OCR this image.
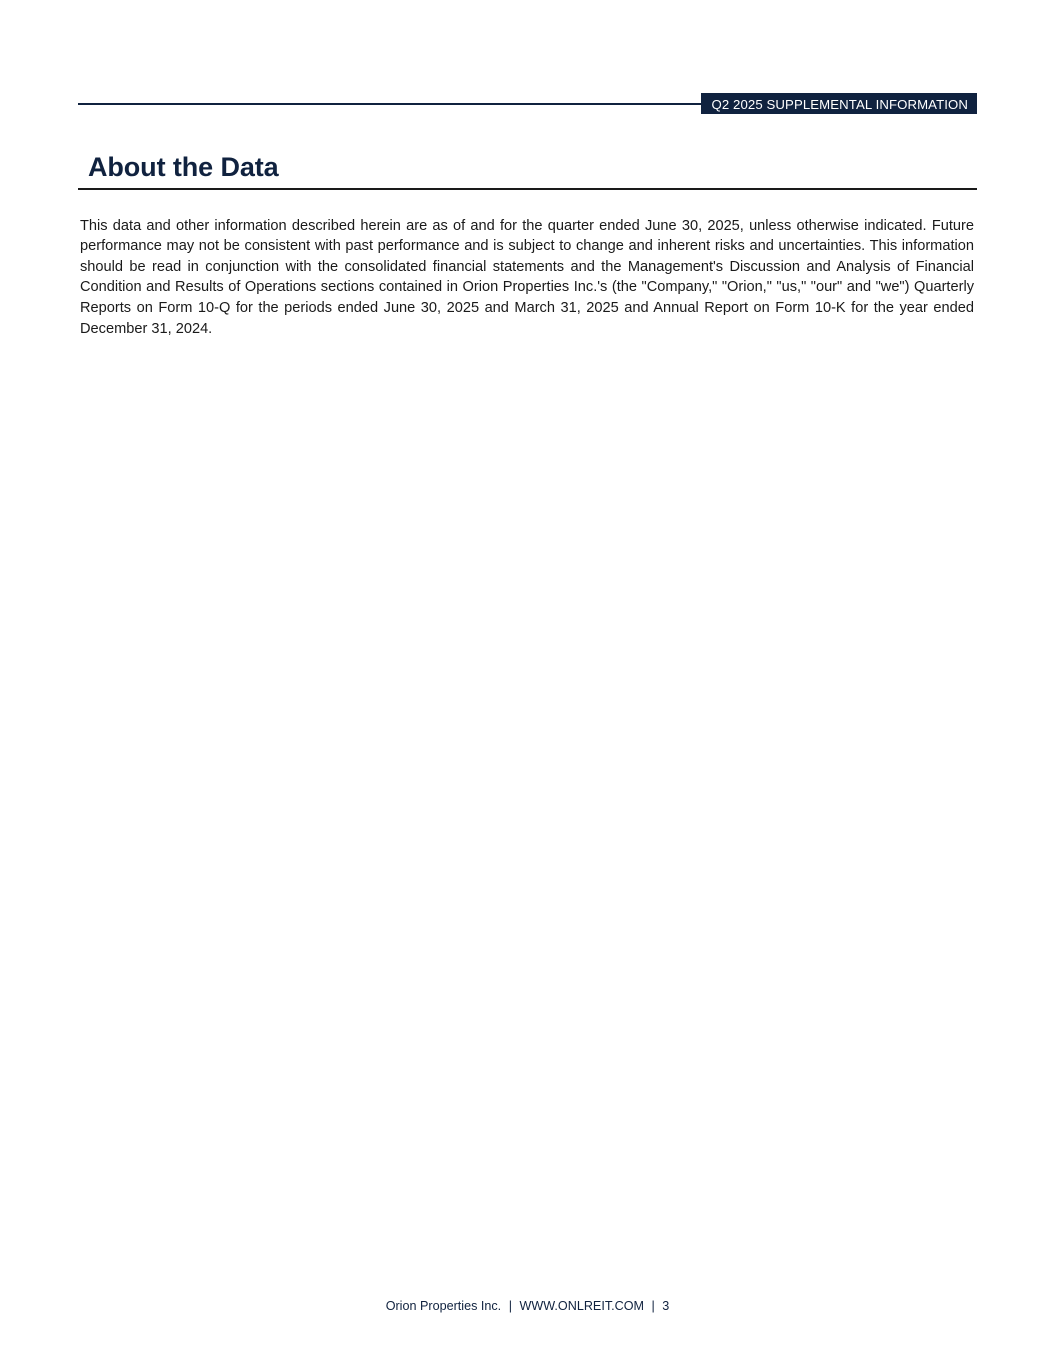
Q2 2025 SUPPLEMENTAL INFORMATION
About the Data

This data and other information described herein are as of and for the quarter ended June 30, 2025, unless otherwise indicated. Future performance may not be consistent with past performance and is subject to change and inherent risks and uncertainties. This information should be read in conjunction with the consolidated financial statements and the Management's Discussion and Analysis of Financial Condition and Results of Operations sections contained in Orion Properties Inc.'s (the "Company," "Orion," "us," "our" and "we") Quarterly Reports on Form 10-Q for the periods ended June 30, 2025 and March 31, 2025 and Annual Report on Form 10-K for the year ended December 31, 2024.

Orion Properties Inc. | WWW.ONLREIT.COM | 3
